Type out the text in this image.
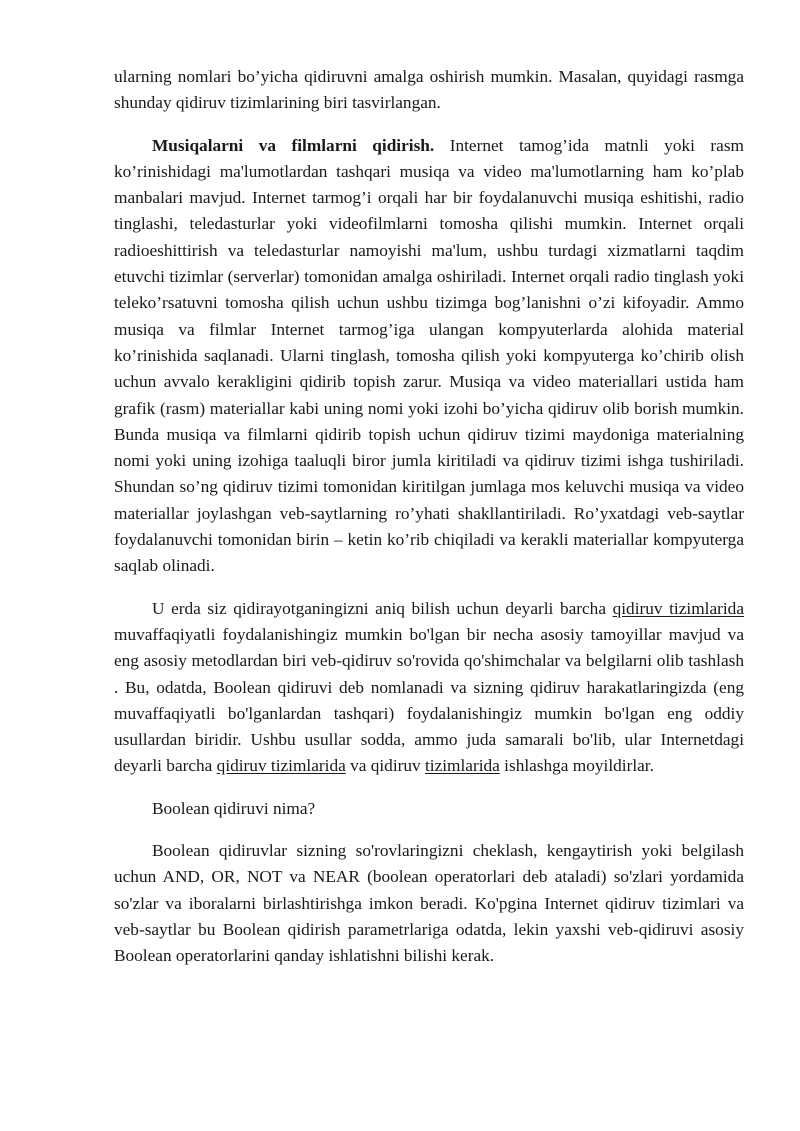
ularning nomlari bo’yicha qidiruvni amalga oshirish mumkin. Masalan, quyidagi rasmga shunday qidiruv tizimlarining biri tasvirlangan.

Musiqalarni va filmlarni qidirish. Internet tamog’ida matnli yoki rasm ko’rinishidagi ma'lumotlardan tashqari musiqa va video ma'lumotlarning ham ko’plab manbalari mavjud. Internet tarmog’i orqali har bir foydalanuvchi musiqa eshitishi, radio tinglashi, teledasturlar yoki videofilmlarni tomosha qilishi mumkin. Internet orqali radioeshittirish va teledasturlar namoyishi ma'lum, ushbu turdagi xizmatlarni taqdim etuvchi tizimlar (serverlar) tomonidan amalga oshiriladi. Internet orqali radio tinglash yoki teleko’rsatuvni tomosha qilish uchun ushbu tizimga bog’lanishni o’zi kifoyadir. Ammo musiqa va filmlar Internet tarmog’iga ulangan kompyuterlarda alohida material ko’rinishida saqlanadi. Ularni tinglash, tomosha qilish yoki kompyuterga ko’chirib olish uchun avvalo kerakligini qidirib topish zarur. Musiqa va video materiallari ustida ham grafik (rasm) materiallar kabi uning nomi yoki izohi bo’yicha qidiruv olib borish mumkin. Bunda musiqa va filmlarni qidirib topish uchun qidiruv tizimi maydoniga materialning nomi yoki uning izohiga taaluqli biror jumla kiritiladi va qidiruv tizimi ishga tushiriladi. Shundan so’ng qidiruv tizimi tomonidan kiritilgan jumlaga mos keluvchi musiqa va video materiallar joylashgan veb-saytlarning ro’yhati shakllantiriladi. Ro’yxatdagi veb-saytlar foydalanuvchi tomonidan birin – ketin ko’rib chiqiladi va kerakli materiallar kompyuterga saqlab olinadi.

U erda siz qidirayotganingizni aniq bilish uchun deyarli barcha qidiruv tizimlarida muvaffaqiyatli foydalanishingiz mumkin bo'lgan bir necha asosiy tamoyillar mavjud va eng asosiy metodlardan biri veb-qidiruv so'rovida qo'shimchalar va belgilarni olib tashlash . Bu, odatda, Boolean qidiruvi deb nomlanadi va sizning qidiruv harakatlaringizda (eng muvaffaqiyatli bo'lganlardan tashqari) foydalanishingiz mumkin bo'lgan eng oddiy usullardan biridir. Ushbu usullar sodda, ammo juda samarali bo'lib, ular Internetdagi deyarli barcha qidiruv tizimlarida va qidiruv tizimlarida ishlashga moyildirlar.

Boolean qidiruvi nima?

Boolean qidiruvlar sizning so'rovlaringizni cheklash, kengaytirish yoki belgilash uchun AND, OR, NOT va NEAR (boolean operatorlari deb ataladi) so'zlari yordamida so'zlar va iboralarni birlashtirishga imkon beradi. Ko'pgina Internet qidiruv tizimlari va veb-saytlar bu Boolean qidirish parametrlariga odatda, lekin yaxshi veb-qidiruvi asosiy Boolean operatorlarini qanday ishlatishni bilishi kerak.
